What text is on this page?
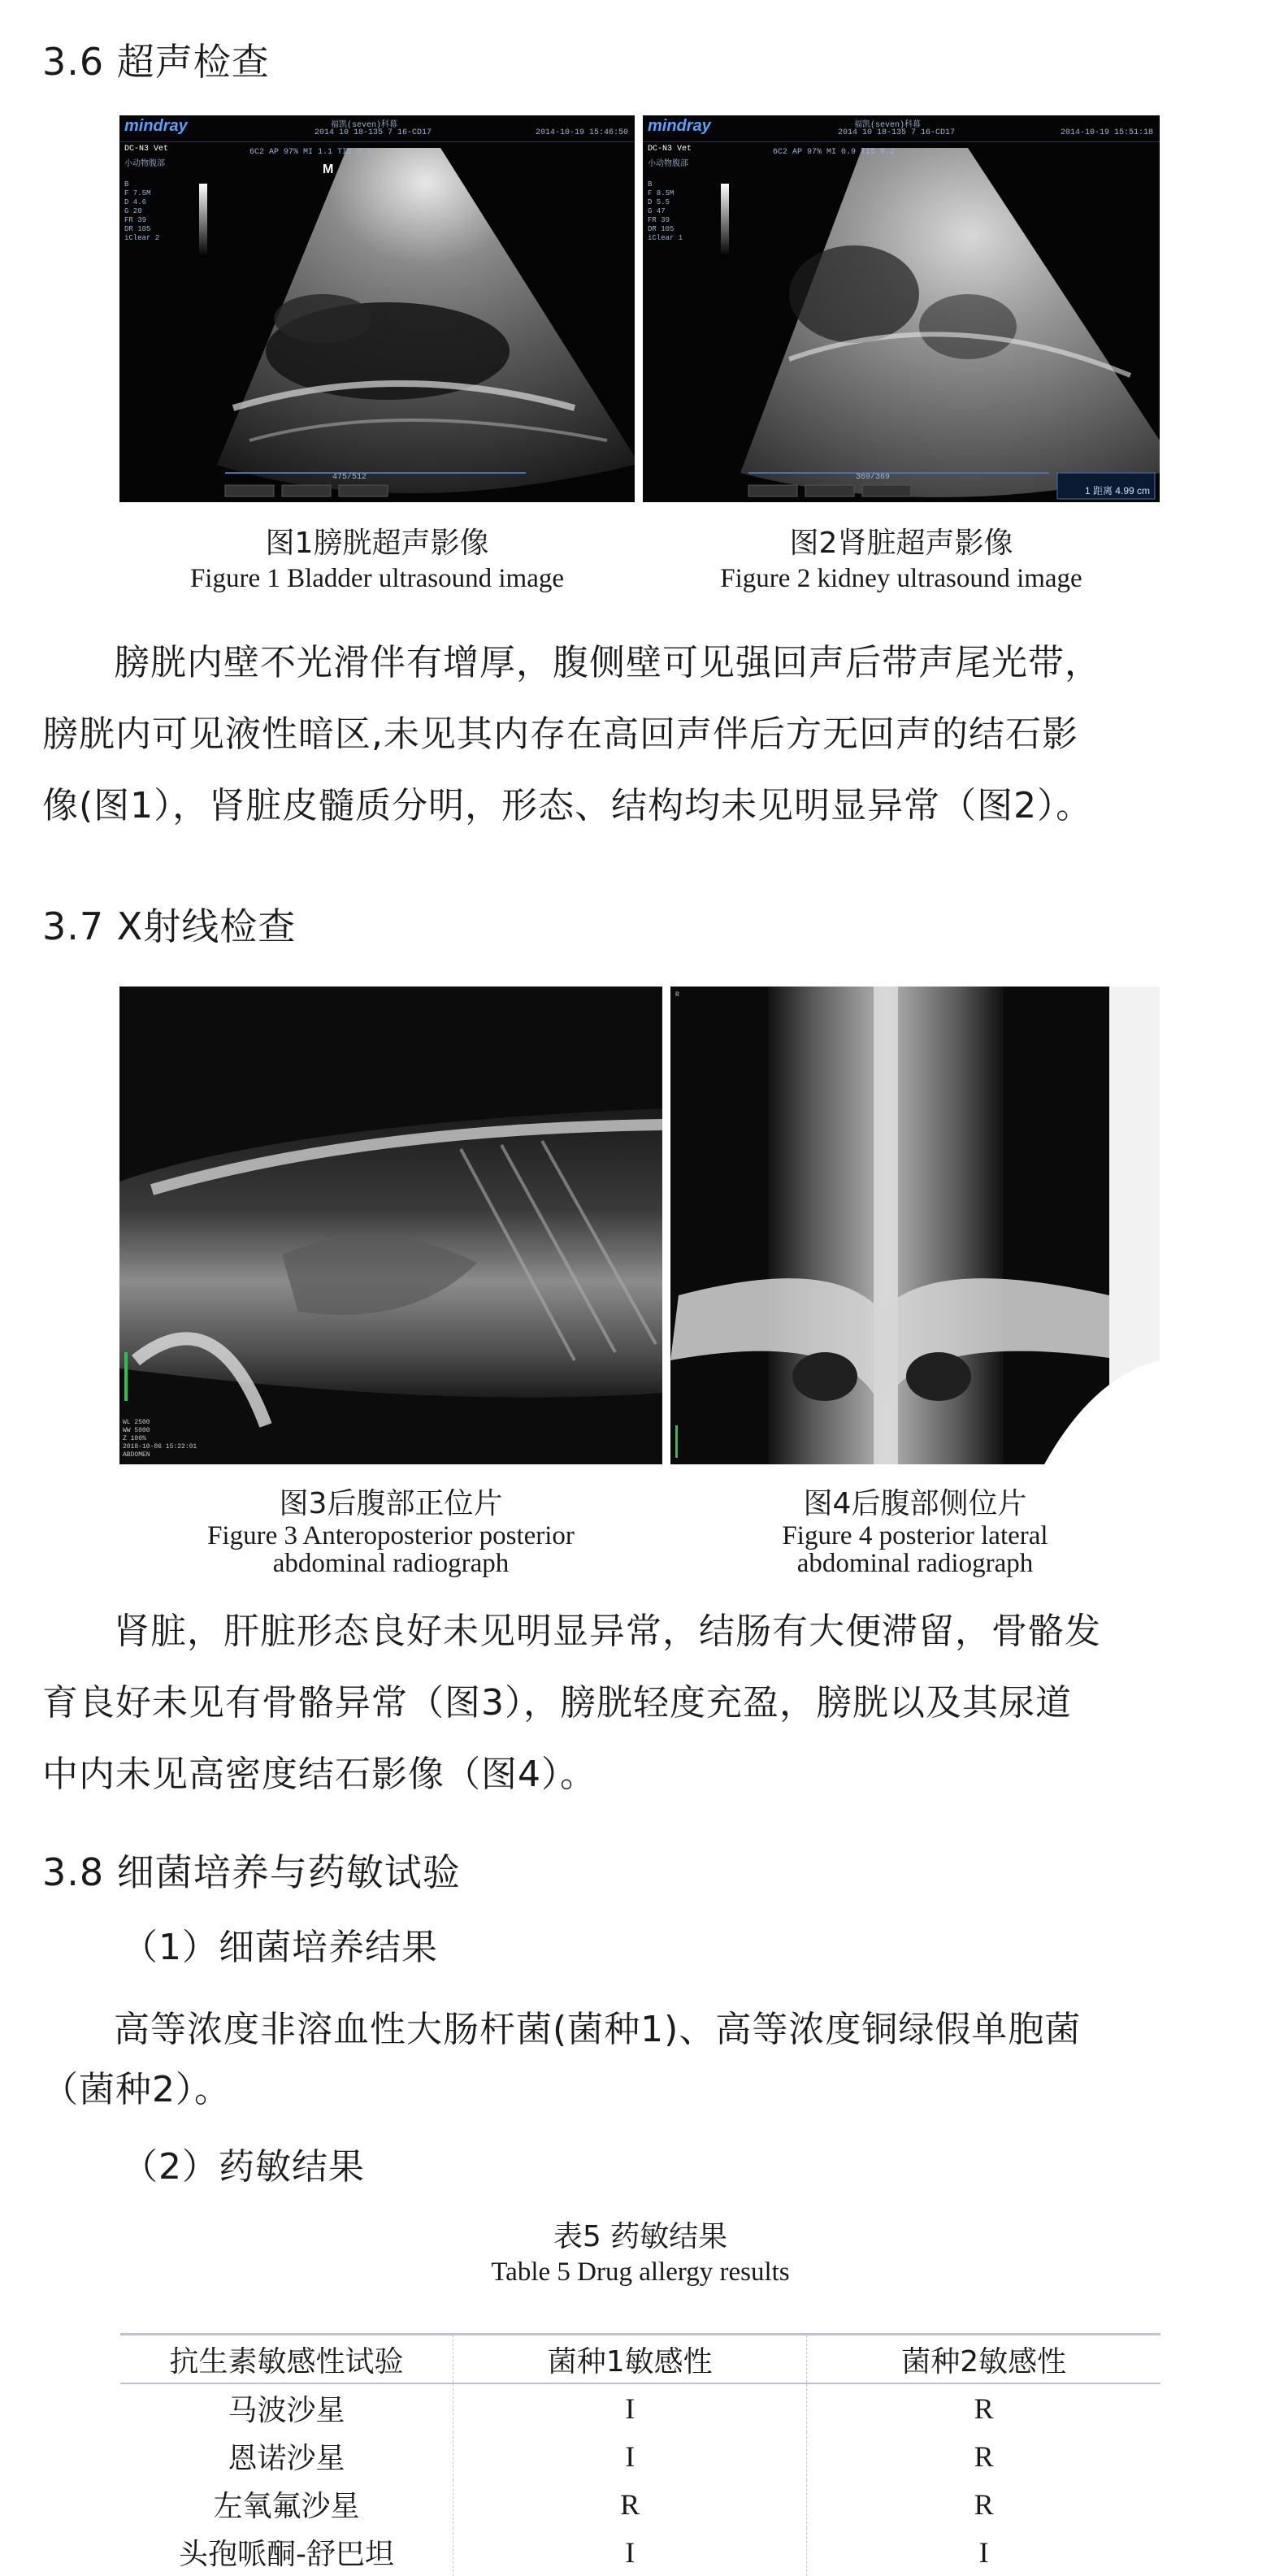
3.6 超声检查
mindray	福凯(seven)科幕
2014 10 18-135 7 16-CD17	2014-10-19 15:46:50
DC-N3 Vet
小动物腹部
6C2 AP 97% MI 1.1 TIS 0.2
B
F 7.5M
D 4.6
G 20
FR 39
DR 105
iClear 2
M
475/512
mindray	福凯(seven)科幕
2014 10 18-135 7 16-CD17	2014-10-19 15:51:18
DC-N3 Vet
小动物腹部
6C2 AP 97% MI 0.9 TIS 0.2
B
F 8.5M
D 5.5
G 47
FR 39
DR 105
iClear 1
369/369
1 距离 4.99 cm
图1膀胱超声影像
Figure 1 Bladder ultrasound image
图2肾脏超声影像
Figure 2 kidney ultrasound image
膀胱内壁不光滑伴有增厚，腹侧壁可见强回声后带声尾光带，
膀胱内可见液性暗区,未见其内存在高回声伴后方无回声的结石影
像(图1），肾脏皮髓质分明，形态、结构均未见明显异常（图2）。
3.7 X射线检查
WL 2500
WW 5000
Z 100%
2018-10-06 15:22:01
ABDOMEN
R
图3后腹部正位片
Figure 3 Anteroposterior posterior
abdominal radiograph
图4后腹部侧位片
Figure 4 posterior lateral
abdominal radiograph
肾脏，肝脏形态良好未见明显异常，结肠有大便滞留，骨骼发
育良好未见有骨骼异常（图3），膀胱轻度充盈，膀胱以及其尿道
中内未见高密度结石影像（图4）。
3.8 细菌培养与药敏试验
（1）细菌培养结果
高等浓度非溶血性大肠杆菌(菌种1)、高等浓度铜绿假单胞菌
（菌种2）。
（2）药敏结果
表5 药敏结果
Table 5 Drug allergy results
抗生素敏感性试验	菌种1敏感性	菌种2敏感性
马波沙星	I	R
恩诺沙星	I	R
左氧氟沙星	R	R
头孢哌酮-舒巴坦	I	I
